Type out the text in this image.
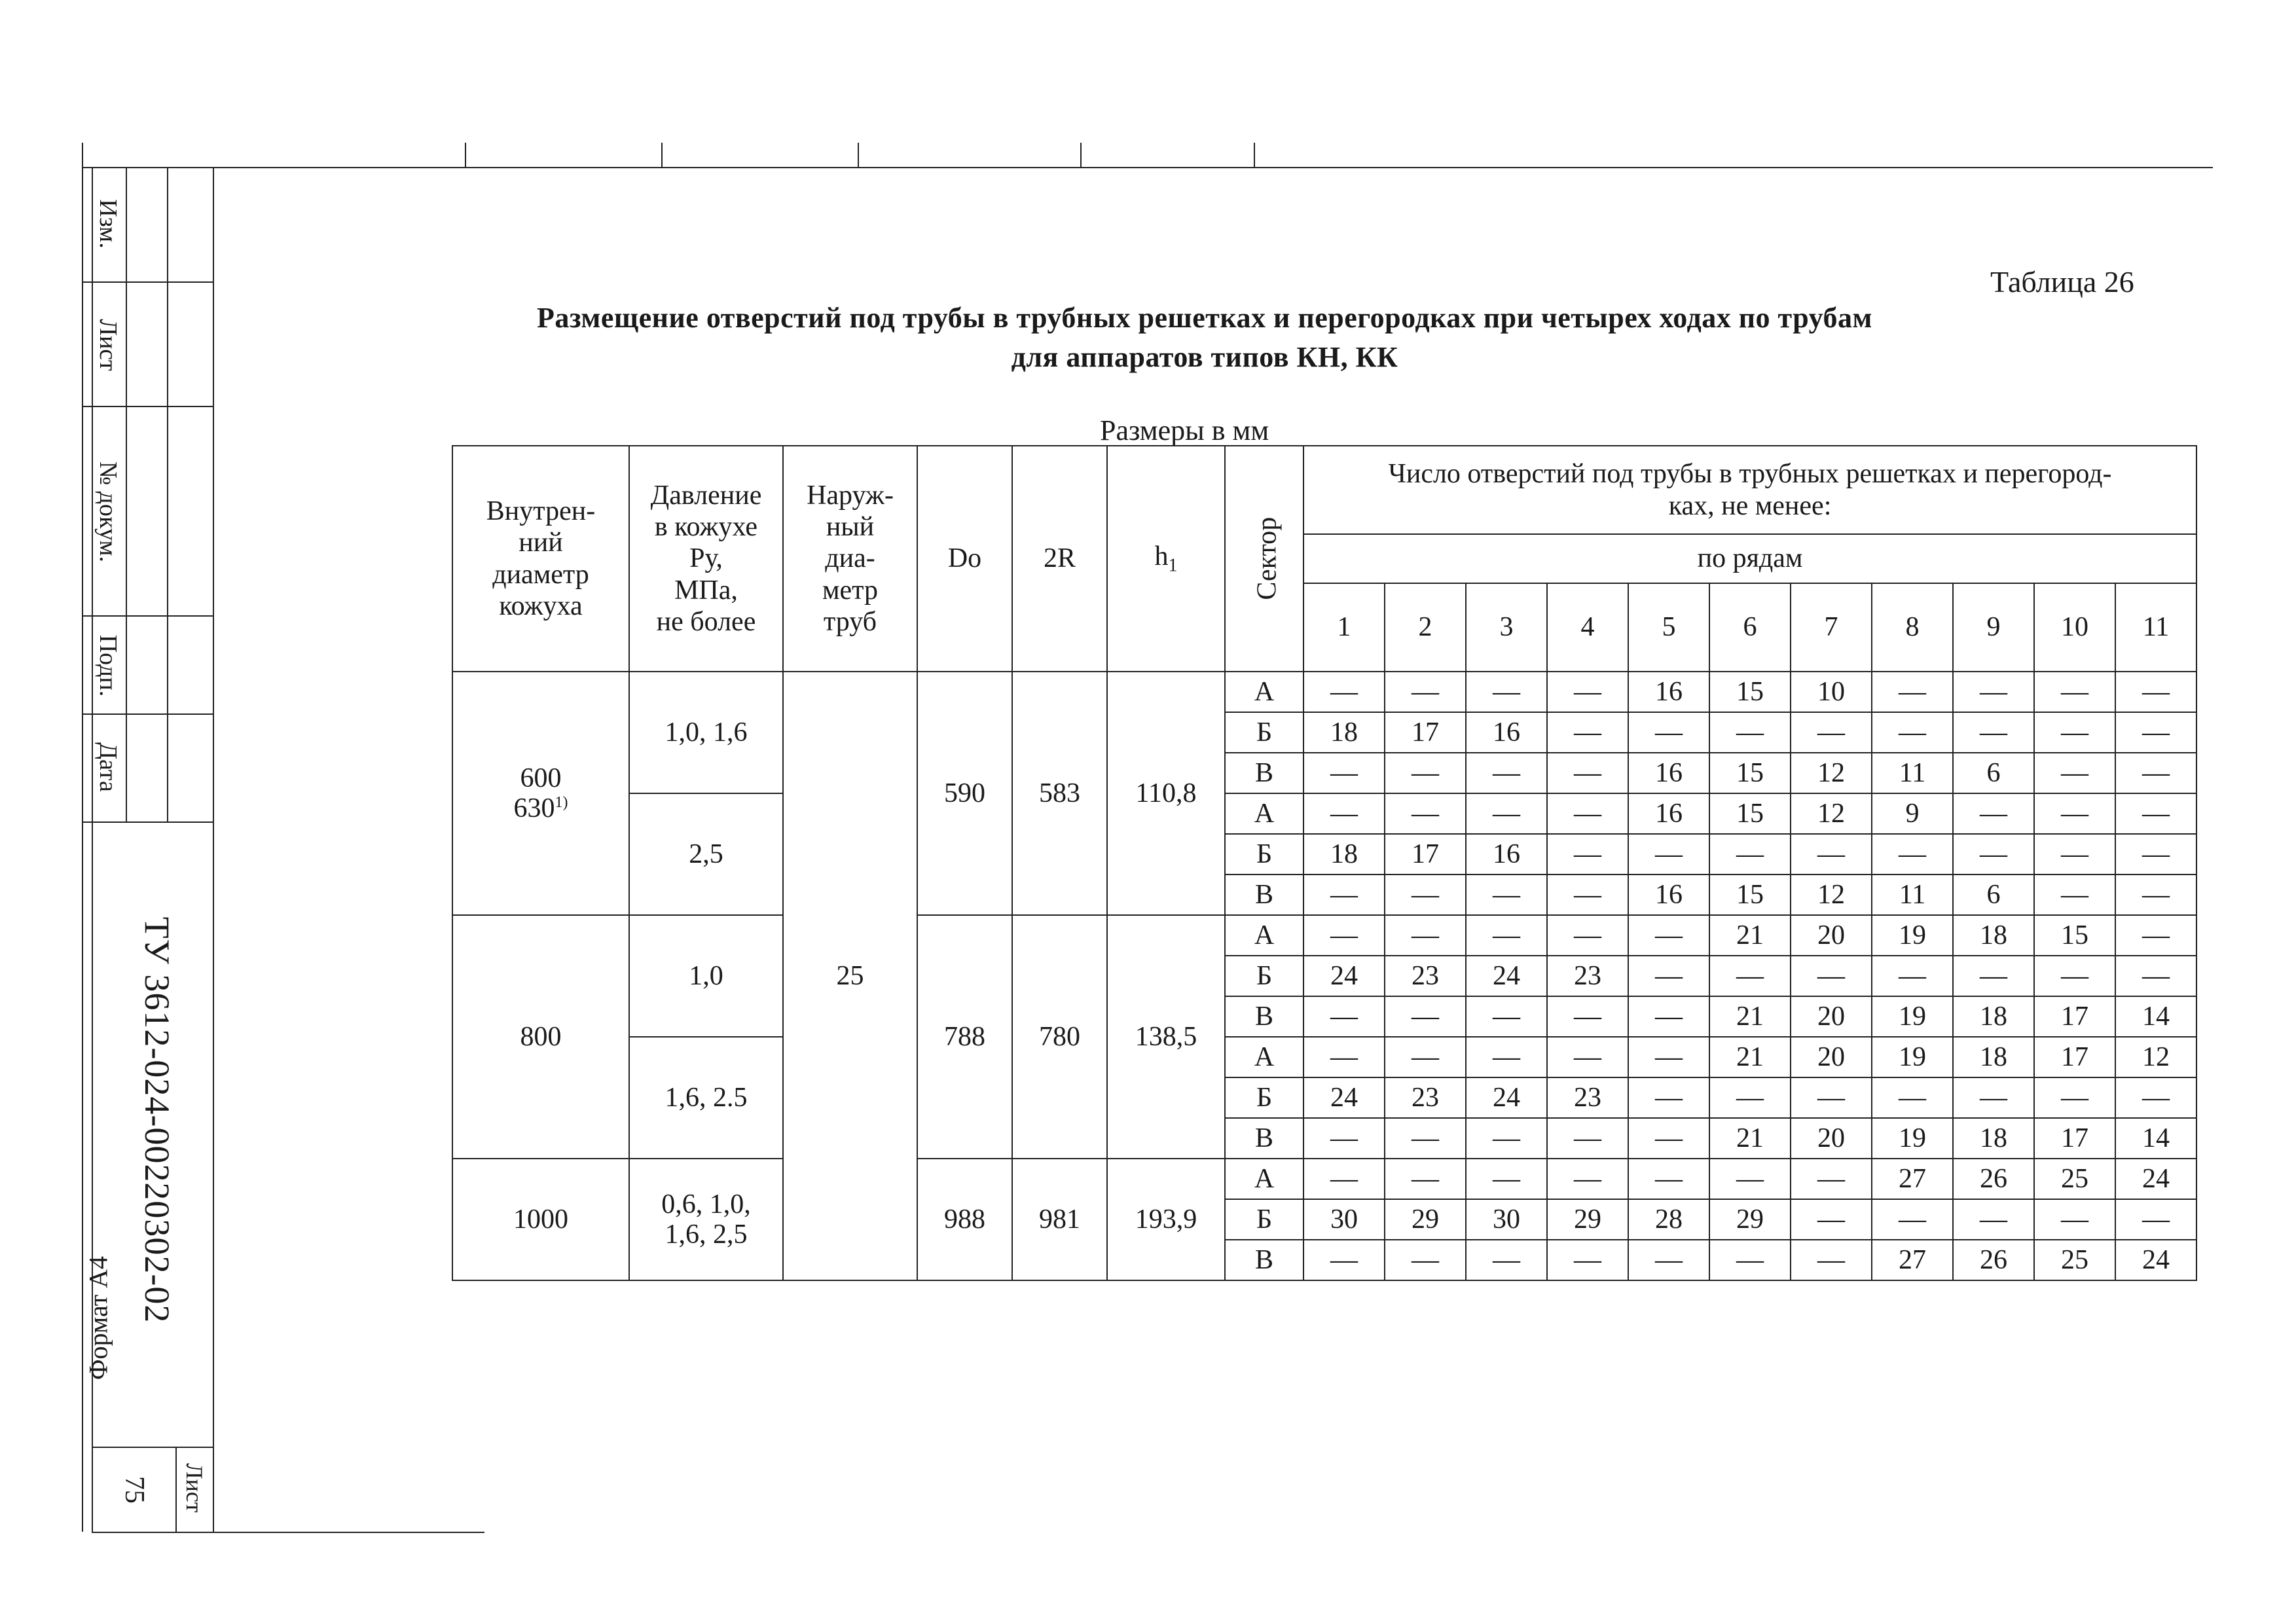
Изм.
Лист
№ докум.
Подп.
Дата
ТУ 3612-024-00220302-02
Формат А4
Лист
75
Таблица 26
Размещение отверстий под трубы в трубных решетках и перегородках при четырех ходах по трубам
для аппаратов типов КН, КК
Размеры в мм
Внутрен-
ний
диаметр
кожуха	Давление
в кожухе
Ру,
МПа,
не более	Наруж-
ный
диа-
метр
труб	Do	2R	$h_1$	Сектор	Число отверстий под трубы в трубных решетках и перегород-
ках, не менее:										
							по рядам										
							1	2	3	4	5	6	7	8	9	10	11
600
630$^{1)}$	1,0, 1,6	25	590	583	110,8	А	—	—	—	—	16	15	10	—	—	—	—
						Б	18	17	16	—	—	—	—	—	—	—	—
						В	—	—	—	—	16	15	12	11	6	—	—
	2,5					А	—	—	—	—	16	15	12	9	—	—	—
						Б	18	17	16	—	—	—	—	—	—	—	—
						В	—	—	—	—	16	15	12	11	6	—	—
800	1,0		788	780	138,5	А	—	—	—	—	—	21	20	19	18	15	—
						Б	24	23	24	23	—	—	—	—	—	—	—
						В	—	—	—	—	—	21	20	19	18	17	14
	1,6, 2.5					А	—	—	—	—	—	21	20	19	18	17	12
						Б	24	23	24	23	—	—	—	—	—	—	—
						В	—	—	—	—	—	21	20	19	18	17	14
1000	0,6, 1,0,
1,6, 2,5		988	981	193,9	А	—	—	—	—	—	—	—	27	26	25	24
						Б	30	29	30	29	28	29	—	—	—	—	—
						В	—	—	—	—	—	—	—	27	26	25	24
